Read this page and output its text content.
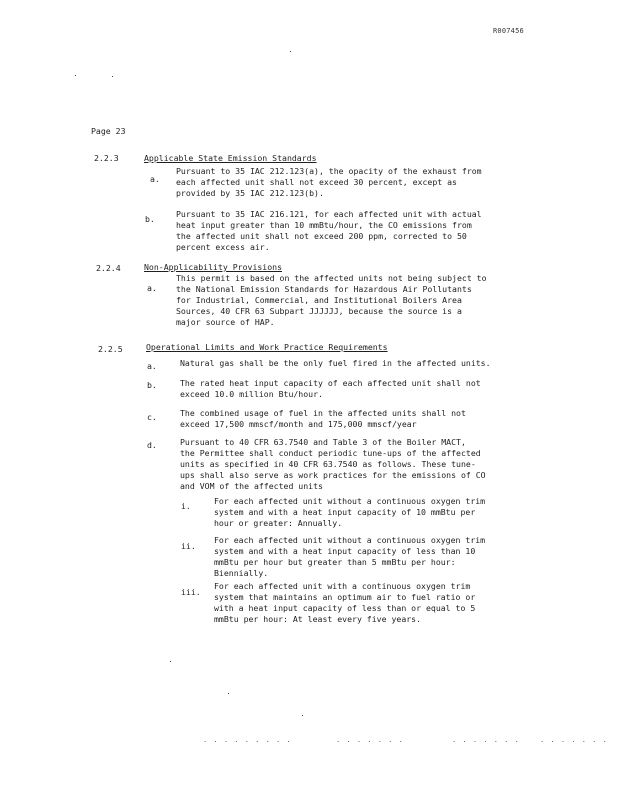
R007456
Page 23
2.2.3	Applicable State Emission Standards
a.
Pursuant to 35 IAC 212.123(a), the opacity of the exhaust from
each affected unit shall not exceed 30 percent, except as
provided by 35 IAC 212.123(b).
b.	Pursuant to 35 IAC 216.121, for each affected unit with actual
heat input greater than 10 mmBtu/hour, the CO emissions from
the affected unit shall not exceed 200 ppm, corrected to 50
percent excess air.
2.2.4	Non-Applicability Provisions
a.
This permit is based on the affected units not being subject to
the National Emission Standards for Hazardous Air Pollutants
for Industrial, Commercial, and Institutional Boilers Area
Sources, 40 CFR 63 Subpart JJJJJJ, because the source is a
major source of HAP.
2.2.5	Operational Limits and Work Practice Requirements
a.	Natural gas shall be the only fuel fired in the affected units.
b.	The rated heat input capacity of each affected unit shall not
exceed 10.0 million Btu/hour.
c.	The combined usage of fuel in the affected units shall not
exceed 17,500 mmscf/month and 175,000 mmscf/year
d.	Pursuant to 40 CFR 63.7540 and Table 3 of the Boiler MACT,
the Permittee shall conduct periodic tune-ups of the affected
units as specified in 40 CFR 63.7540 as follows. These tune-
ups shall also serve as work practices for the emissions of CO
and VOM of the affected units
i.	For each affected unit without a continuous oxygen trim
system and with a heat input capacity of 10 mmBtu per
hour or greater: Annually.
ii.
For each affected unit without a continuous oxygen trim
system and with a heat input capacity of less than 10
mmBtu per hour but greater than 5 mmBtu per hour:
Biennially.
iii.
For each affected unit with a continuous oxygen trim
system that maintains an optimum air to fuel ratio or
with a heat input capacity of less than or equal to 5
mmBtu per hour: At least every five years.
. . . . . . . . .	. . . . . . .	. . . . . . .	. . . . . . .
